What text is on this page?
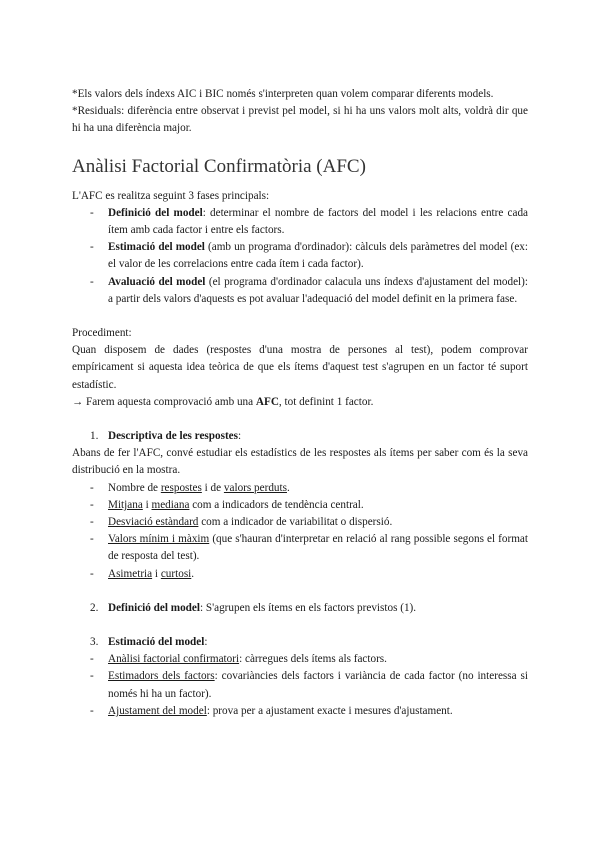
*Els valors dels índexs AIC i BIC només s'interpreten quan volem comparar diferents models.

*Residuals: diferència entre observat i previst pel model, si hi ha uns valors molt alts, voldrà dir que hi ha una diferència major.

Anàlisi Factorial Confirmatòria (AFC)

L'AFC es realitza seguint 3 fases principals:

- Definició del model: determinar el nombre de factors del model i les relacions entre cada ítem amb cada factor i entre els factors.
- Estimació del model (amb un programa d'ordinador): càlculs dels paràmetres del model (ex: el valor de les correlacions entre cada ítem i cada factor).
- Avaluació del model (el programa d'ordinador calacula uns índexs d'ajustament del model): a partir dels valors d'aquests es pot avaluar l'adequació del model definit en la primera fase.

Procediment:

Quan disposem de dades (respostes d'una mostra de persones al test), podem comprovar empíricament si aquesta idea teòrica de que els ítems d'aquest test s'agrupen en un factor té suport estadístic.

→ Farem aquesta comprovació amb una AFC, tot definint 1 factor.

1. Descriptiva de les respostes:

Abans de fer l'AFC, convé estudiar els estadístics de les respostes als ítems per saber com és la seva distribució en la mostra.

- Nombre de respostes i de valors perduts.
- Mitjana i mediana com a indicadors de tendència central.
- Desviació estàndard com a indicador de variabilitat o dispersió.
- Valors mínim i màxim (que s'hauran d'interpretar en relació al rang possible segons el format de resposta del test).
- Asimetria i curtosi.
2. Definició del model: S'agrupen els ítems en els factors previstos (1).
3. Estimació del model:
- Anàlisi factorial confirmatori: càrregues dels ítems als factors.
- Estimadors dels factors: covariàncies dels factors i variància de cada factor (no interessa si només hi ha un factor).
- Ajustament del model: prova per a ajustament exacte i mesures d'ajustament.
